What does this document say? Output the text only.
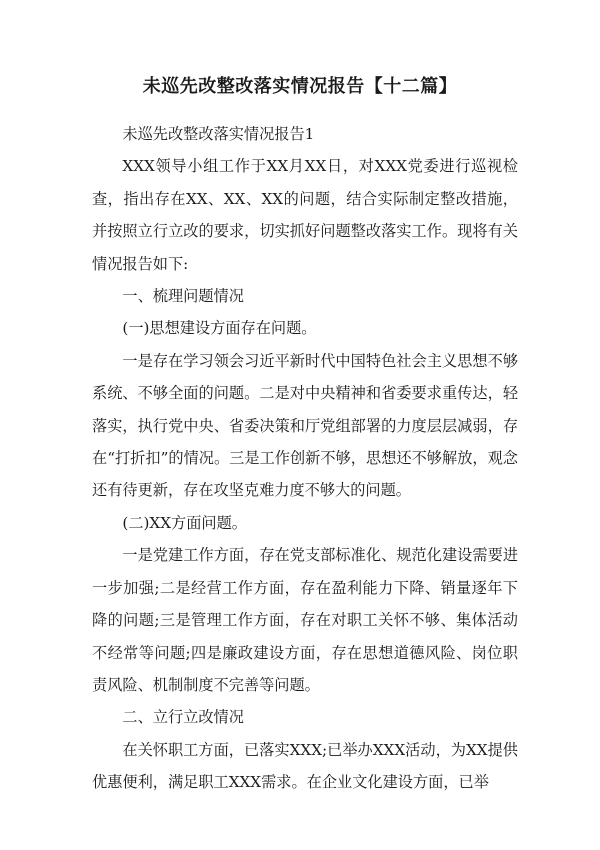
未巡先改整改落实情况报告【十二篇】

未巡先改整改落实情况报告1

XXX领导小组工作于XX月XX日，对XXX党委进行巡视检查，指出存在XX、XX、XX的问题，结合实际制定整改措施，并按照立行立改的要求，切实抓好问题整改落实工作。现将有关情况报告如下:

一、梳理问题情况

(一)思想建设方面存在问题。

一是存在学习领会习近平新时代中国特色社会主义思想不够系统、不够全面的问题。二是对中央精神和省委要求重传达，轻落实，执行党中央、省委决策和厅党组部署的力度层层减弱，存在“打折扣”的情况。三是工作创新不够，思想还不够解放，观念还有待更新，存在攻坚克难力度不够大的问题。

(二)XX方面问题。

一是党建工作方面，存在党支部标准化、规范化建设需要进一步加强;二是经营工作方面，存在盈利能力下降、销量逐年下降的问题;三是管理工作方面，存在对职工关怀不够、集体活动不经常等问题;四是廉政建设方面，存在思想道德风险、岗位职责风险、机制制度不完善等问题。

二、立行立改情况

在关怀职工方面，已落实XXX;已举办XXX活动，为XX提供优惠便利，满足职工XXX需求。在企业文化建设方面，已举
